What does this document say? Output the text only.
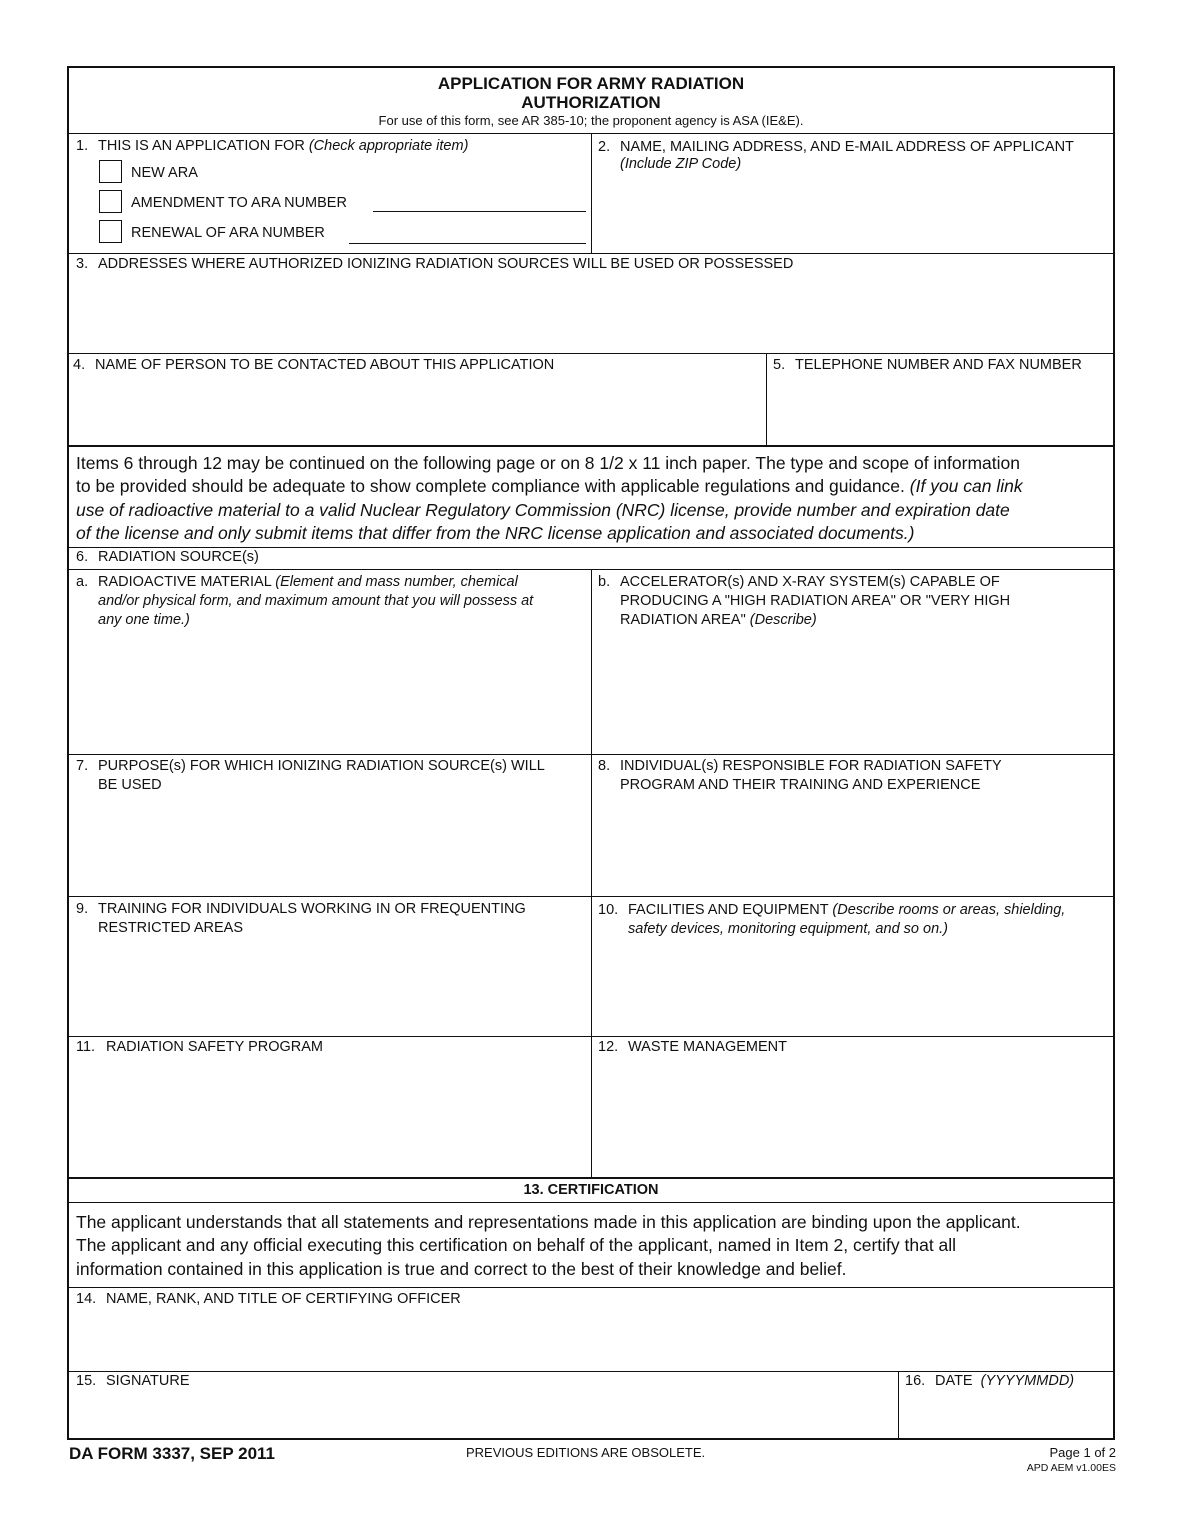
APPLICATION FOR ARMY RADIATION
AUTHORIZATION
For use of this form, see AR 385-10; the proponent agency is ASA (IE&E).
1. THIS IS AN APPLICATION FOR (Check appropriate item)
NEW ARA
AMENDMENT TO ARA NUMBER
RENEWAL OF ARA NUMBER
2. NAME, MAILING ADDRESS, AND E-MAIL ADDRESS OF APPLICANT
(Include ZIP Code)
3. ADDRESSES WHERE AUTHORIZED IONIZING RADIATION SOURCES WILL BE USED OR POSSESSED
4. NAME OF PERSON TO BE CONTACTED ABOUT THIS APPLICATION	5. TELEPHONE NUMBER AND FAX NUMBER
Items 6 through 12 may be continued on the following page or on 8 1/2 x 11 inch paper. The type and scope of information
to be provided should be adequate to show complete compliance with applicable regulations and guidance. (If you can link
use of radioactive material to a valid Nuclear Regulatory Commission (NRC) license, provide number and expiration date
of the license and only submit items that differ from the NRC license application and associated documents.)
6. RADIATION SOURCE(s)
a. RADIOACTIVE MATERIAL (Element and mass number, chemical
and/or physical form, and maximum amount that you will possess at
any one time.)
b. ACCELERATOR(s) AND X-RAY SYSTEM(s) CAPABLE OF
PRODUCING A "HIGH RADIATION AREA" OR "VERY HIGH
RADIATION AREA" (Describe)
7. PURPOSE(s) FOR WHICH IONIZING RADIATION SOURCE(s) WILL
BE USED
8. INDIVIDUAL(s) RESPONSIBLE FOR RADIATION SAFETY
PROGRAM AND THEIR TRAINING AND EXPERIENCE
9. TRAINING FOR INDIVIDUALS WORKING IN OR FREQUENTING
RESTRICTED AREAS
10. FACILITIES AND EQUIPMENT (Describe rooms or areas, shielding,
safety devices, monitoring equipment, and so on.)
11. RADIATION SAFETY PROGRAM	12. WASTE MANAGEMENT
13. CERTIFICATION
The applicant understands that all statements and representations made in this application are binding upon the applicant.
The applicant and any official executing this certification on behalf of the applicant, named in Item 2, certify that all
information contained in this application is true and correct to the best of their knowledge and belief.
14. NAME, RANK, AND TITLE OF CERTIFYING OFFICER
15. SIGNATURE	16. DATE (YYYYMMDD)
DA FORM 3337, SEP 2011	PREVIOUS EDITIONS ARE OBSOLETE.	Page 1 of 2
APD AEM v1.00ES
